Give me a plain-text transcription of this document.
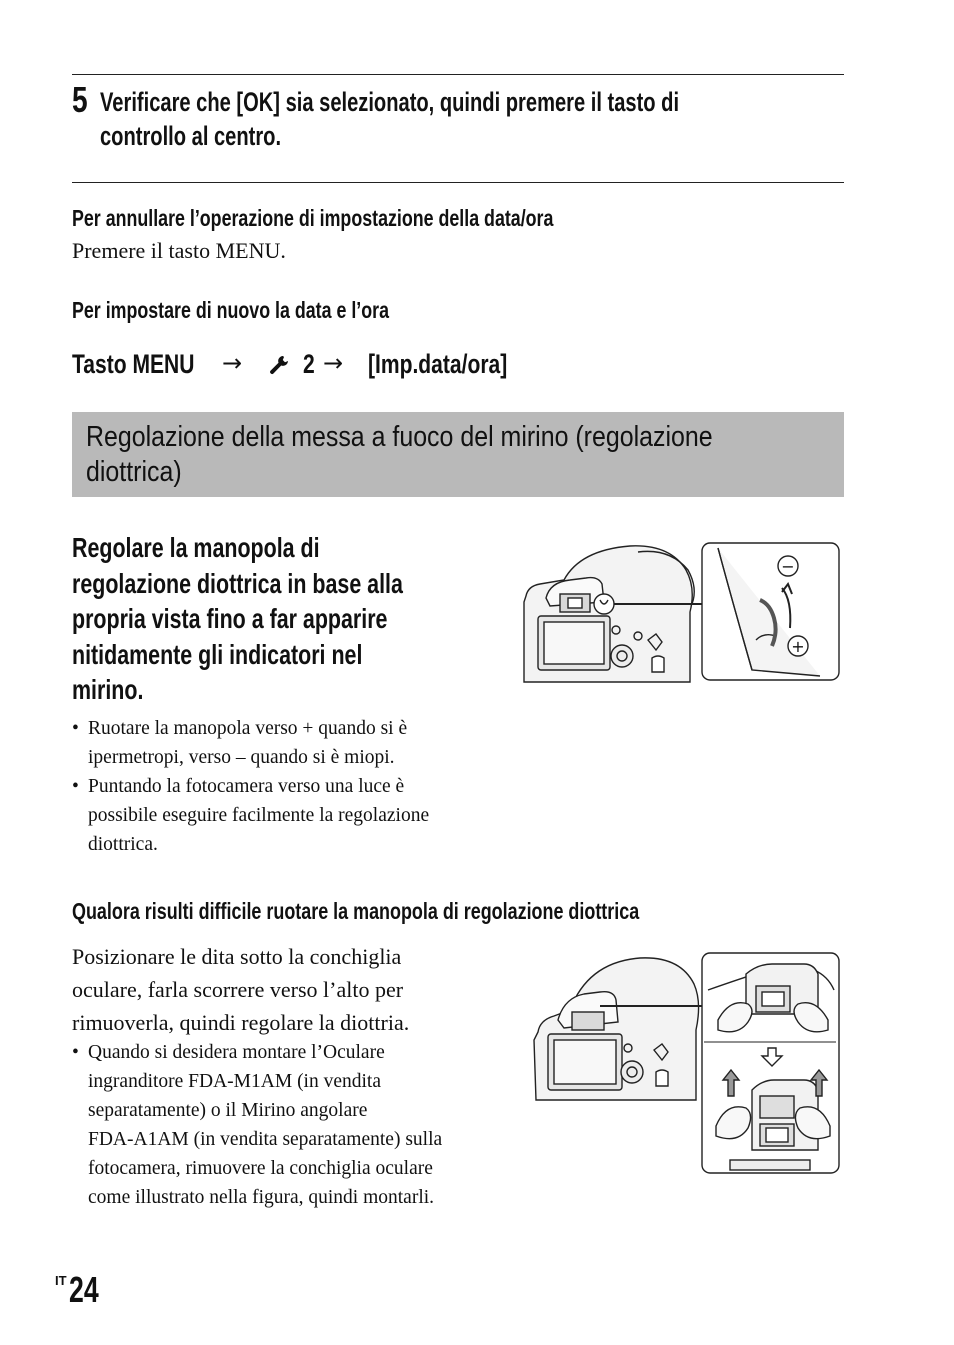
5 Verificare che [OK] sia selezionato, quindi premere il tasto di
controllo al centro.
Per annullare l’operazione di impostazione della data/ora
Premere il tasto MENU.
Per impostare di nuovo la data e l’ora
Tasto MENU → 2 → [Imp.data/ora]
Regolazione della messa a fuoco del mirino (regolazione
diottrica)
Regolare la manopola di
regolazione diottrica in base alla
propria vista fino a far apparire
nitidamente gli indicatori nel
mirino.
• Ruotare la manopola verso + quando si è
ipermetropi, verso – quando si è miopi.
• Puntando la fotocamera verso una luce è
possibile eseguire facilmente la regolazione
diottrica.
−
+
Qualora risulti difficile ruotare la manopola di regolazione diottrica
Posizionare le dita sotto la conchiglia
oculare, farla scorrere verso l’alto per
rimuoverla, quindi regolare la diottria.
• Quando si desidera montare l’Oculare
ingranditore FDA-M1AM (in vendita
separatamente) o il Mirino angolare
FDA-A1AM (in vendita separatamente) sulla
fotocamera, rimuovere la conchiglia oculare
come illustrato nella figura, quindi montarli.
IT 24
